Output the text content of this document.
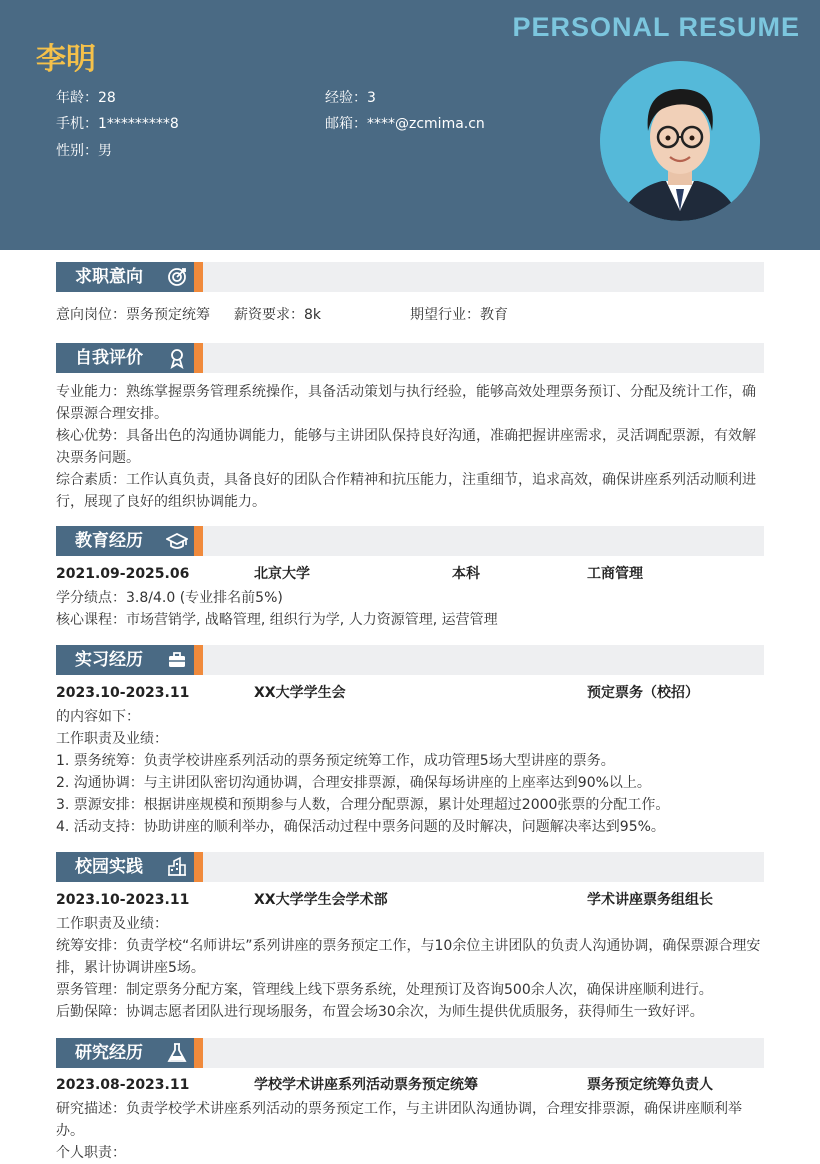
PERSONAL RESUME
李明
年龄：28	经验：3
手机：1*********8	邮箱：****@zcmima.cn
性别：男
求职意向
意向岗位：票务预定统筹 薪资要求：8k	期望行业：教育
自我评价
专业能力：熟练掌握票务管理系统操作，具备活动策划与执行经验，能够高效处理票务预订、分配及统计工作，确保票源合理安排。
核心优势：具备出色的沟通协调能力，能够与主讲团队保持良好沟通，准确把握讲座需求，灵活调配票源，有效解决票务问题。
综合素质：工作认真负责，具备良好的团队合作精神和抗压能力，注重细节，追求高效，确保讲座系列活动顺利进行，展现了良好的组织协调能力。
教育经历
2021.09-2025.06	北京大学	本科	工商管理
学分绩点：3.8/4.0 (专业排名前5%)
核心课程：市场营销学, 战略管理, 组织行为学, 人力资源管理, 运营管理
实习经历
2023.10-2023.11	XX大学学生会	预定票务（校招）
的内容如下：
工作职责及业绩：
1. 票务统筹：负责学校讲座系列活动的票务预定统筹工作，成功管理5场大型讲座的票务。
2. 沟通协调：与主讲团队密切沟通协调，合理安排票源，确保每场讲座的上座率达到90%以上。
3. 票源安排：根据讲座规模和预期参与人数，合理分配票源，累计处理超过2000张票的分配工作。
4. 活动支持：协助讲座的顺利举办，确保活动过程中票务问题的及时解决，问题解决率达到95%。
校园实践
2023.10-2023.11	XX大学学生会学术部	学术讲座票务组组长
工作职责及业绩：
统筹安排：负责学校“名师讲坛”系列讲座的票务预定工作，与10余位主讲团队的负责人沟通协调，确保票源合理安排，累计协调讲座5场。
票务管理：制定票务分配方案，管理线上线下票务系统，处理预订及咨询500余人次，确保讲座顺利进行。
后勤保障：协调志愿者团队进行现场服务，布置会场30余次，为师生提供优质服务，获得师生一致好评。
研究经历
2023.08-2023.11	学校学术讲座系列活动票务预定统筹	票务预定统筹负责人
研究描述：负责学校学术讲座系列活动的票务预定工作，与主讲团队沟通协调，合理安排票源，确保讲座顺利举办。
个人职责：
